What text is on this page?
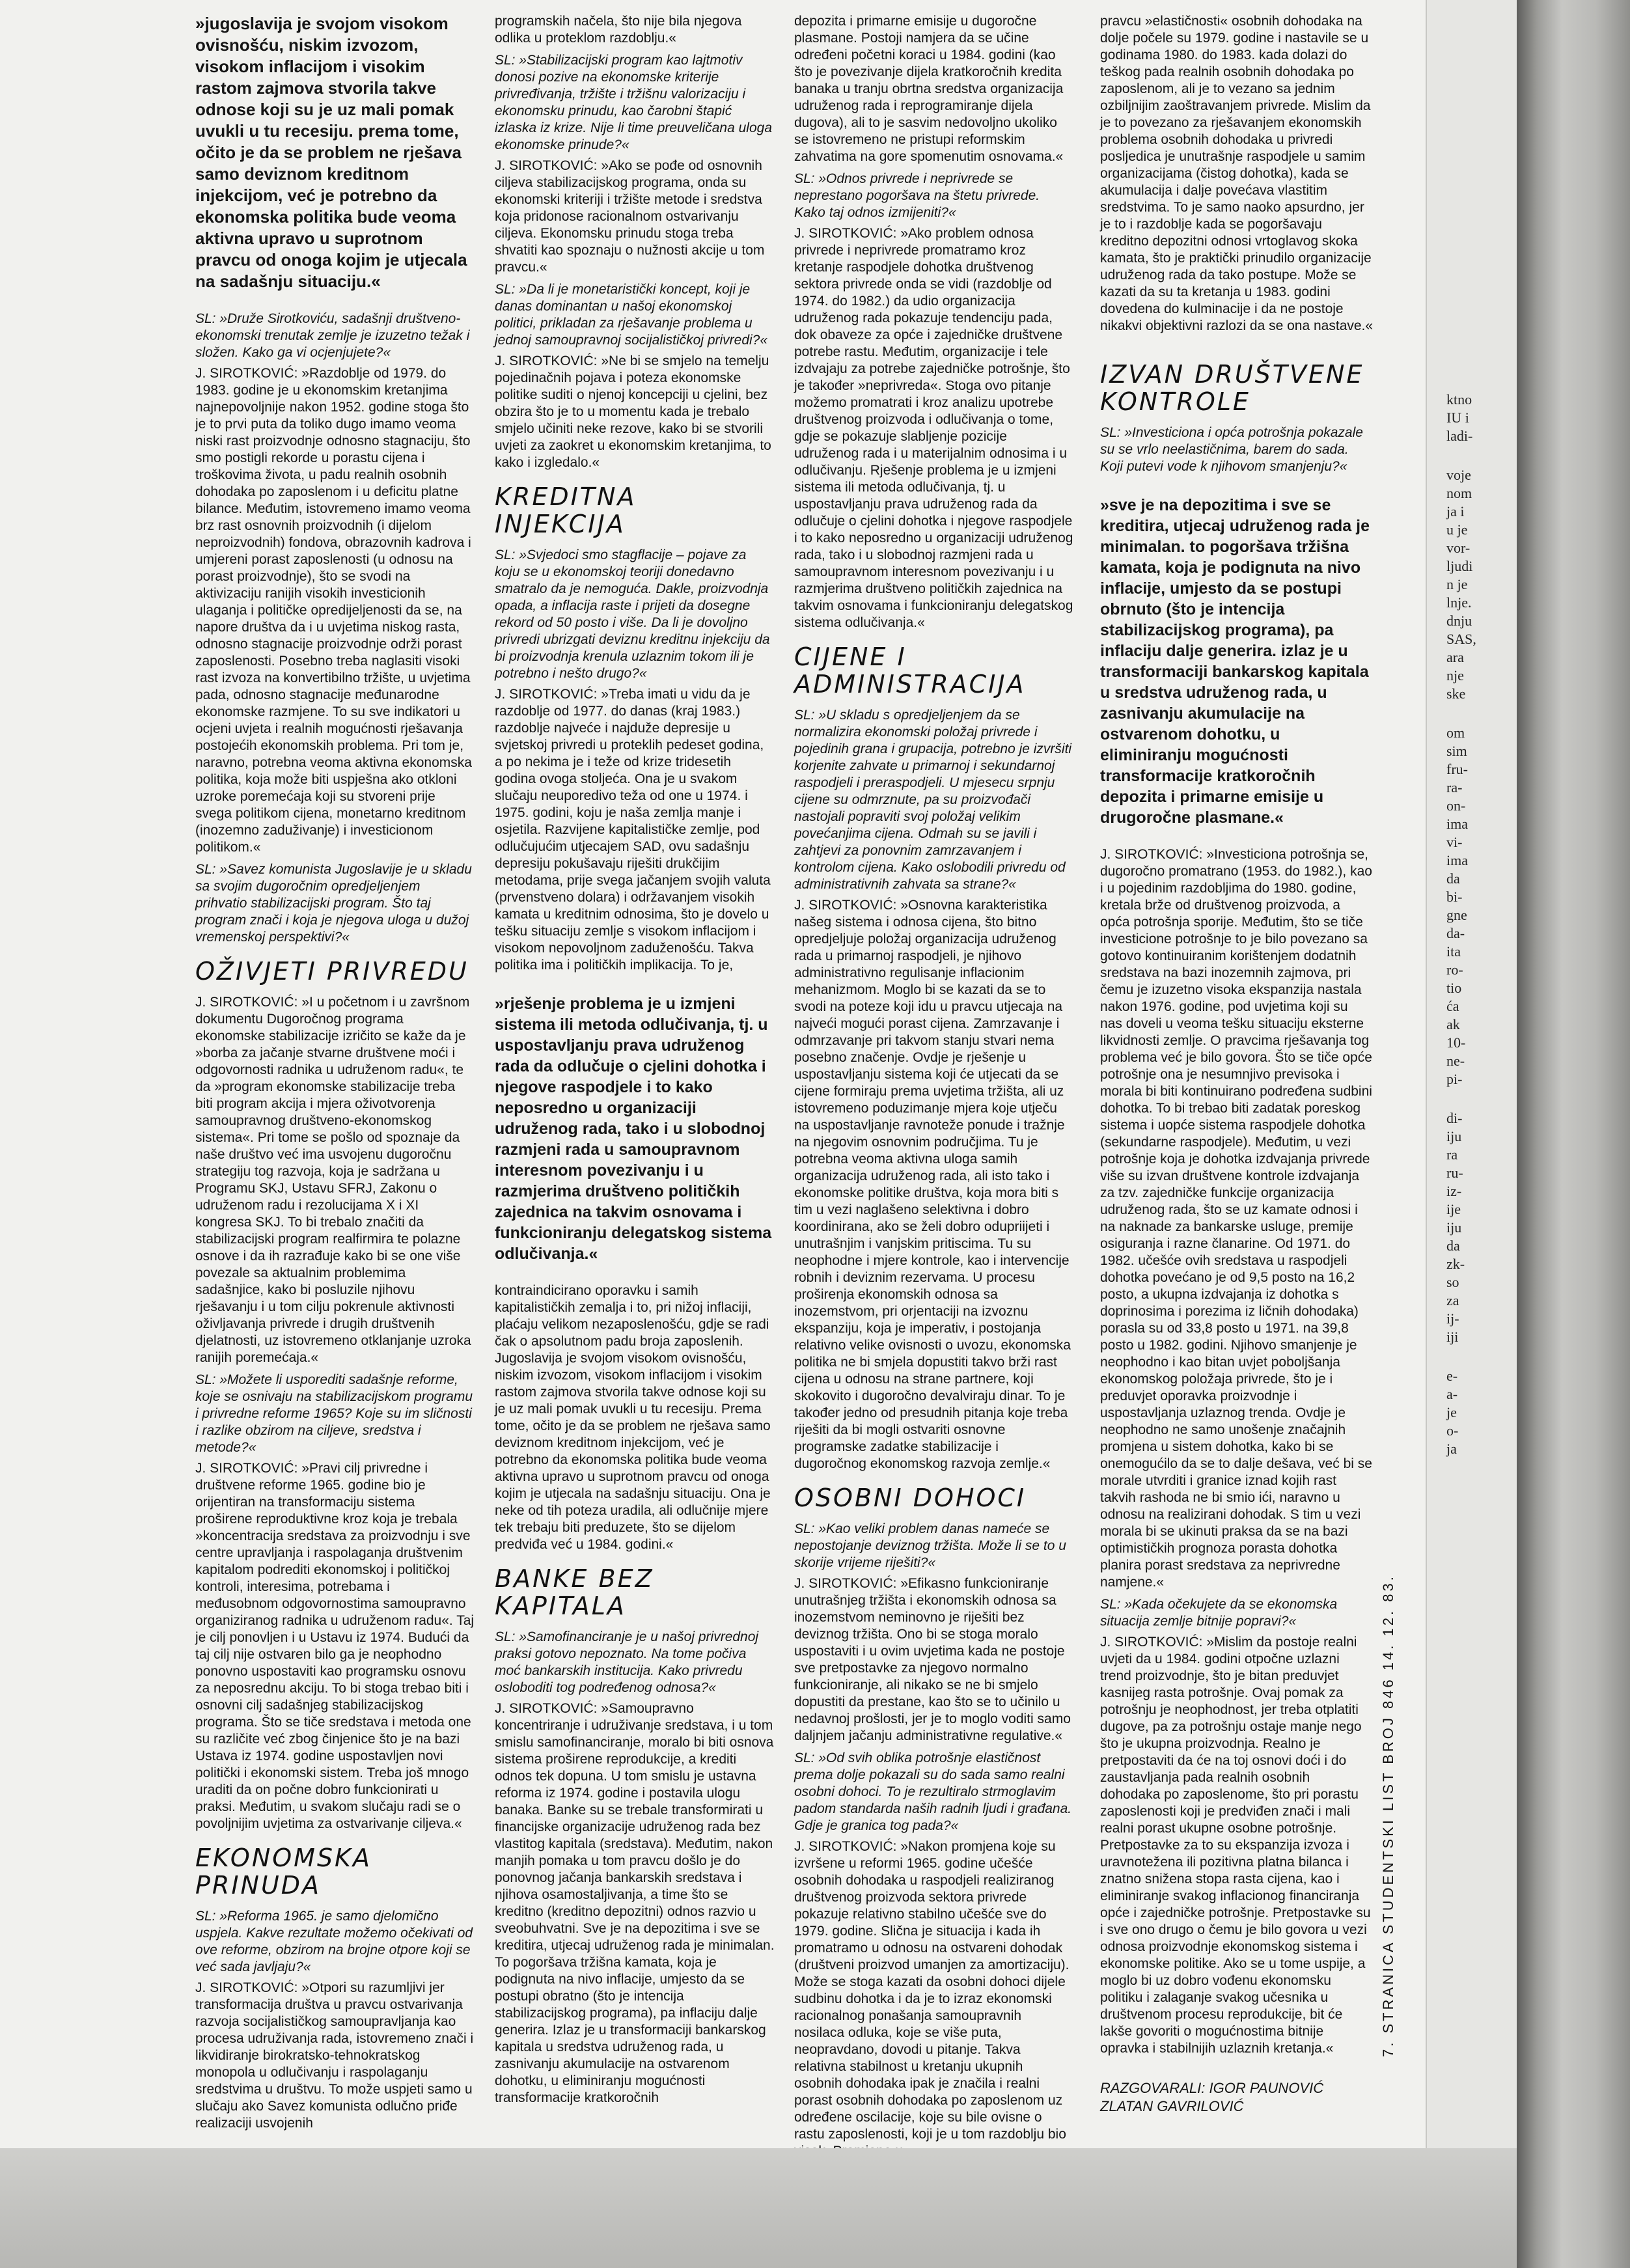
»jugoslavija je svojom visokom ovisnošću, niskim izvozom, visokom inflacijom i visokim rastom zajmova stvorila takve odnose koji su je uz mali pomak uvukli u tu recesiju. prema tome, očito je da se problem ne rješava samo deviznom kreditnom injekcijom, već je potrebno da ekonomska politika bude veoma aktivna upravo u suprotnom pravcu od onoga kojim je utjecala na sadašnju situaciju.«

SL: »Druže Sirotkoviću, sadašnji društveno-ekonomski trenutak zemlje je izuzetno težak i složen. Kako ga vi ocjenjujete?«

J. SIROTKOVIĆ: »Razdoblje od 1979. do 1983. godine je u ekonomskim kretanjima najnepovoljnije nakon 1952. godine stoga što je to prvi puta da toliko dugo imamo veoma niski rast proizvodnje odnosno stagnaciju, što smo postigli rekorde u porastu cijena i troškovima života, u padu realnih osobnih dohodaka po zaposlenom i u deficitu platne bilance. Međutim, istovremeno imamo veoma brz rast osnovnih proizvodnih (i dijelom neproizvodnih) fondova, obrazovnih kadrova i umjereni porast zaposlenosti (u odnosu na porast proizvodnje), što se svodi na aktivizaciju ranijih visokih investicionih ulaganja i političke opredijeljenosti da se, na napore društva da i u uvjetima niskog rasta, odnosno stagnacije proizvodnje održi porast zaposlenosti. Posebno treba naglasiti visoki rast izvoza na konvertibilno tržište, u uvjetima pada, odnosno stagnacije međunarodne ekonomske razmjene. To su sve indikatori u ocjeni uvjeta i realnih mogućnosti rješavanja postojećih ekonomskih problema. Pri tom je, naravno, potrebna veoma aktivna ekonomska politika, koja može biti uspješna ako otkloni uzroke poremećaja koji su stvoreni prije svega politikom cijena, monetarno kreditnom (inozemno zaduživanje) i investicionom politikom.«

SL: »Savez komunista Jugoslavije je u skladu sa svojim dugoročnim opredjeljenjem prihvatio stabilizacijski program. Što taj program znači i koja je njegova uloga u dužoj vremenskoj perspektivi?«

OŽIVJETI PRIVREDU

J. SIROTKOVIĆ: »I u početnom i u završnom dokumentu Dugoročnog programa ekonomske stabilizacije izričito se kaže da je »borba za jačanje stvarne društvene moći i odgovornosti radnika u udruženom radu«, te da »program ekonomske stabilizacije treba biti program akcija i mjera oživotvorenja samoupravnog društveno-ekonomskog sistema«. Pri tome se pošlo od spoznaje da naše društvo već ima usvojenu dugoročnu strategiju tog razvoja, koja je sadržana u Programu SKJ, Ustavu SFRJ, Zakonu o udruženom radu i rezolucijama X i XI kongresa SKJ. To bi trebalo značiti da stabilizacijski program realfirmira te polazne osnove i da ih razrađuje kako bi se one više povezale sa aktualnim problemima sadašnjice, kako bi posluzile njihovu rješavanju i u tom cilju pokrenule aktivnosti oživljavanja privrede i drugih društvenih djelatnosti, uz istovremeno otklanjanje uzroka ranijih poremećaja.«

SL: »Možete li usporediti sadašnje reforme, koje se osnivaju na stabilizacijskom programu i privredne reforme 1965? Koje su im sličnosti i razlike obzirom na ciljeve, sredstva i metode?«

J. SIROTKOVIĆ: »Pravi cilj privredne i društvene reforme 1965. godine bio je orijentiran na transformaciju sistema proširene reproduktivne kroz koja je trebala »koncentracija sredstava za proizvodnju i sve centre upravljanja i raspolaganja društvenim kapitalom podrediti ekonomskoj i političkoj kontroli, interesima, potrebama i međusobnom odgovornostima samoupravno organiziranog radnika u udruženom radu«. Taj je cilj ponovljen i u Ustavu iz 1974. Budući da taj cilj nije ostvaren bilo ga je neophodno ponovno uspostaviti kao programsku osnovu za neposrednu akciju. To bi stoga trebao biti i osnovni cilj sadašnjeg stabilizacijskog programa. Što se tiče sredstava i metoda one su različite već zbog činjenice što je na bazi Ustava iz 1974. godine uspostavljen novi politički i ekonomski sistem. Treba još mnogo uraditi da on počne dobro funkcionirati u praksi. Međutim, u svakom slučaju radi se o povoljnijim uvjetima za ostvarivanje ciljeva.«

EKONOMSKA PRINUDA

SL: »Reforma 1965. je samo djelomično uspjela. Kakve rezultate možemo očekivati od ove reforme, obzirom na brojne otpore koji se već sada javljaju?«

J. SIROTKOVIĆ: »Otpori su razumljivi jer transformacija društva u pravcu ostvarivanja razvoja socijalističkog samoupravljanja kao procesa udruživanja rada, istovremeno znači i likvidiranje birokratsko-tehnokratskog monopola u odlučivanju i raspolaganju sredstvima u društvu. To može uspjeti samo u slučaju ako Savez komunista odlučno priđe realizaciji usvojenih

programskih načela, što nije bila njegova odlika u proteklom razdoblju.«

SL: »Stabilizacijski program kao lajtmotiv donosi pozive na ekonomske kriterije privređivanja, tržište i tržišnu valorizaciju i ekonomsku prinudu, kao čarobni štapić izlaska iz krize. Nije li time preuveličana uloga ekonomske prinude?«

J. SIROTKOVIĆ: »Ako se pođe od osnovnih ciljeva stabilizacijskog programa, onda su ekonomski kriteriji i tržište metode i sredstva koja pridonose racionalnom ostvarivanju ciljeva. Ekonomsku prinudu stoga treba shvatiti kao spoznaju o nužnosti akcije u tom pravcu.«

SL: »Da li je monetaristički koncept, koji je danas dominantan u našoj ekonomskoj politici, prikladan za rješavanje problema u jednoj samoupravnoj socijalističkoj privredi?«

J. SIROTKOVIĆ: »Ne bi se smjelo na temelju pojedinačnih pojava i poteza ekonomske politike suditi o njenoj koncepciji u cjelini, bez obzira što je to u momentu kada je trebalo smjelo učiniti neke rezove, kako bi se stvorili uvjeti za zaokret u ekonomskim kretanjima, to kako i izgledalo.«

KREDITNA INJEKCIJA

SL: »Svjedoci smo stagflacije – pojave za koju se u ekonomskoj teoriji donedavno smatralo da je nemoguća. Dakle, proizvodnja opada, a inflacija raste i prijeti da dosegne rekord od 50 posto i više. Da li je dovoljno privredi ubrizgati deviznu kreditnu injekciju da bi proizvodnja krenula uzlaznim tokom ili je potrebno i nešto drugo?«

J. SIROTKOVIĆ: »Treba imati u vidu da je razdoblje od 1977. do danas (kraj 1983.) razdoblje najveće i najduže depresije u svjetskoj privredi u proteklih pedeset godina, a po nekima je i teže od krize tridesetih godina ovoga stoljeća. Ona je u svakom slučaju neuporedivo teža od one u 1974. i 1975. godini, koju je naša zemlja manje i osjetila. Razvijene kapitalističke zemlje, pod odlučujućim utjecajem SAD, ovu sadašnju depresiju pokušavaju riješiti drukčijim metodama, prije svega jačanjem svojih valuta (prvenstveno dolara) i održavanjem visokih kamata u kreditnim odnosima, što je dovelo u tešku situaciju zemlje s visokom inflacijom i visokom nepovoljnom zaduženošću. Takva politika ima i političkih implikacija. To je,

»rješenje problema je u izmjeni sistema ili metoda odlučivanja, tj. u uspostavljanju prava udruženog rada da odlučuje o cjelini dohotka i njegove raspodjele i to kako neposredno u organizaciji udruženog rada, tako i u slobodnoj razmjeni rada u samoupravnom interesnom povezivanju i u razmjerima društveno političkih zajednica na takvim osnovama i funkcioniranju delegatskog sistema odlučivanja.«

kontraindicirano oporavku i samih kapitalističkih zemalja i to, pri nižoj inflaciji, plaćaju velikom nezaposlenošću, gdje se radi čak o apsolutnom padu broja zaposlenih. Jugoslavija je svojom visokom ovisnošću, niskim izvozom, visokom inflacijom i visokim rastom zajmova stvorila takve odnose koji su je uz mali pomak uvukli u tu recesiju. Prema tome, očito je da se problem ne rješava samo deviznom kreditnom injekcijom, već je potrebno da ekonomska politika bude veoma aktivna upravo u suprotnom pravcu od onoga kojim je utjecala na sadašnju situaciju. Ona je neke od tih poteza uradila, ali odlučnije mjere tek trebaju biti preduzete, što se dijelom predviđa već u 1984. godini.«

BANKE BEZ KAPITALA

SL: »Samofinanciranje je u našoj privrednoj praksi gotovo nepoznato. Na tome počiva moć bankarskih institucija. Kako privredu osloboditi tog podređenog odnosa?«

J. SIROTKOVIĆ: »Samoupravno koncentriranje i udruživanje sredstava, i u tom smislu samofinanciranje, moralo bi biti osnova sistema proširene reprodukcije, a krediti odnos tek dopuna. U tom smislu je ustavna reforma iz 1974. godine i postavila ulogu banaka. Banke su se trebale transformirati u financijske organizacije udruženog rada bez vlastitog kapitala (sredstava). Međutim, nakon manjih pomaka u tom pravcu došlo je do ponovnog jačanja bankarskih sredstava i njihova osamostaljivanja, a time što se kreditno (kreditno depozitni) odnos razvio u sveobuhvatni. Sve je na depozitima i sve se kreditira, utjecaj udruženog rada je minimalan. To pogoršava tržišna kamata, koja je podignuta na nivo inflacije, umjesto da se postupi obratno (što je intencija stabilizacijskog programa), pa inflaciju dalje generira. Izlaz je u transformaciji bankarskog kapitala u sredstva udruženog rada, u zasnivanju akumulacije na ostvarenom dohotku, u eliminiranju mogućnosti transformacije kratkoročnih

depozita i primarne emisije u dugoročne plasmane. Postoji namjera da se učine određeni početni koraci u 1984. godini (kao što je povezivanje dijela kratkoročnih kredita banaka u tranju obrtna sredstva organizacija udruženog rada i reprogramiranje dijela dugova), ali to je sasvim nedovoljno ukoliko se istovremeno ne pristupi reformskim zahvatima na gore spomenutim osnovama.«

SL: »Odnos privrede i neprivrede se neprestano pogoršava na štetu privrede. Kako taj odnos izmijeniti?«

J. SIROTKOVIĆ: »Ako problem odnosa privrede i neprivrede promatramo kroz kretanje raspodjele dohotka društvenog sektora privrede onda se vidi (razdoblje od 1974. do 1982.) da udio organizacija udruženog rada pokazuje tendenciju pada, dok obaveze za opće i zajedničke društvene potrebe rastu. Međutim, organizacije i tele izdvajaju za potrebe zajedničke potrošnje, što je također »neprivreda«. Stoga ovo pitanje možemo promatrati i kroz analizu upotrebe društvenog proizvoda i odlučivanja o tome, gdje se pokazuje slabljenje pozicije udruženog rada i u materijalnim odnosima i u odlučivanju. Rješenje problema je u izmjeni sistema ili metoda odlučivanja, tj. u uspostavljanju prava udruženog rada da odlučuje o cjelini dohotka i njegove raspodjele i to kako neposredno u organizaciji udruženog rada, tako i u slobodnoj razmjeni rada u samoupravnom interesnom povezivanju i u razmjerima društveno političkih zajednica na takvim osnovama i funkcioniranju delegatskog sistema odlučivanja.«

CIJENE I ADMINISTRACIJA

SL: »U skladu s opredjeljenjem da se normalizira ekonomski položaj privrede i pojedinih grana i grupacija, potrebno je izvršiti korjenite zahvate u primarnoj i sekundarnoj raspodjeli i preraspodjeli. U mjesecu srpnju cijene su odmrznute, pa su proizvođači nastojali popraviti svoj položaj velikim povećanjima cijena. Odmah su se javili i zahtjevi za ponovnim zamrzavanjem i kontrolom cijena. Kako oslobodili privredu od administrativnih zahvata sa strane?«

J. SIROTKOVIĆ: »Osnovna karakteristika našeg sistema i odnosa cijena, što bitno opredjeljuje položaj organizacija udruženog rada u primarnoj raspodjeli, je njihovo administrativno regulisanje inflacionim mehanizmom. Moglo bi se kazati da se to svodi na poteze koji idu u pravcu utjecaja na najveći mogući porast cijena. Zamrzavanje i odmrzavanje pri takvom stanju stvari nema posebno značenje. Ovdje je rješenje u uspostavljanju sistema koji će utjecati da se cijene formiraju prema uvjetima tržišta, ali uz istovremeno poduzimanje mjera koje utječu na uspostavljanje ravnoteže ponude i tražnje na njegovim osnovnim područjima. Tu je potrebna veoma aktivna uloga samih organizacija udruženog rada, ali isto tako i ekonomske politike društva, koja mora biti s tim u vezi naglašeno selektivna i dobro koordinirana, ako se želi dobro odupriijeti i unutrašnjim i vanjskim pritiscima. Tu su neophodne i mjere kontrole, kao i intervencije robnih i deviznim rezervama. U procesu proširenja ekonomskih odnosa sa inozemstvom, pri orjentaciji na izvoznu ekspanziju, koja je imperativ, i postojanja relativno velike ovisnosti o uvozu, ekonomska politika ne bi smjela dopustiti takvo brži rast cijena u odnosu na strane partnere, koji skokovito i dugoročno devalviraju dinar. To je također jedno od presudnih pitanja koje treba riješiti da bi mogli ostvariti osnovne programske zadatke stabilizacije i dugoročnog ekonomskog razvoja zemlje.«

OSOBNI DOHOCI

SL: »Kao veliki problem danas nameće se nepostojanje deviznog tržišta. Može li se to u skorije vrijeme riješiti?«

J. SIROTKOVIĆ: »Efikasno funkcioniranje unutrašnjeg tržišta i ekonomskih odnosa sa inozemstvom neminovno je riješiti bez deviznog tržišta. Ono bi se stoga moralo uspostaviti i u ovim uvjetima kada ne postoje sve pretpostavke za njegovo normalno funkcioniranje, ali nikako se ne bi smjelo dopustiti da prestane, kao što se to učinilo u nedavnoj prošlosti, jer je to moglo voditi samo daljnjem jačanju administrativne regulative.«

SL: »Od svih oblika potrošnje elastičnost prema dolje pokazali su do sada samo realni osobni dohoci. To je rezultiralo strmoglavim padom standarda naših radnih ljudi i građana. Gdje je granica tog pada?«

J. SIROTKOVIĆ: »Nakon promjena koje su izvršene u reformi 1965. godine učešće osobnih dohodaka u raspodjeli realiziranog društvenog proizvoda sektora privrede pokazuje relativno stabilno učešće sve do 1979. godine. Slična je situacija i kada ih promatramo u odnosu na ostvareni dohodak (društveni proizvod umanjen za amortizaciju). Može se stoga kazati da osobni dohoci dijele sudbinu dohotka i da je to izraz ekonomski racionalnog ponašanja samoupravnih nosilaca odluka, koje se više puta, neopravdano, dovodi u pitanje. Takva relativna stabilnost u kretanju ukupnih osobnih dohodaka ipak je značila i realni porast osobnih dohodaka po zaposlenom uz određene oscilacije, koje su bile ovisne o rastu zaposlenosti, koji je u tom razdoblju bio

pravcu »elastičnosti« osobnih dohodaka na dolje počele su 1979. godine i nastavile se u godinama 1980. do 1983. kada dolazi do teškog pada realnih osobnih dohodaka po zaposlenom, ali je to vezano sa jednim ozbiljnijim zaoštravanjem privrede. Mislim da je to povezano za rješavanjem ekonomskih problema osobnih dohodaka u privredi posljedica je unutrašnje raspodjele u samim organizacijama (čistog dohotka), kada se akumulacija i dalje povećava vlastitim sredstvima. To je samo naoko apsurdno, jer je to i razdoblje kada se pogoršavaju kreditno depozitni odnosi vrtoglavog skoka kamata, što je praktički prinudilo organizacije udruženog rada da tako postupe. Može se kazati da su ta kretanja u 1983. godini dovedena do kulminacije i da ne postoje nikakvi objektivni razlozi da se ona nastave.«

IZVAN DRUŠTVENE KONTROLE

SL: »Investiciona i opća potrošnja pokazale su se vrlo neelastičnima, barem do sada. Koji putevi vode k njihovom smanjenju?«

»sve je na depozitima i sve se kreditira, utjecaj udruženog rada je minimalan. to pogoršava tržišna kamata, koja je podignuta na nivo inflacije, umjesto da se postupi obrnuto (što je intencija stabilizacijskog programa), pa inflaciju dalje generira. izlaz je u transformaciji bankarskog kapitala u sredstva udruženog rada, u zasnivanju akumulacije na ostvarenom dohotku, u eliminiranju mogućnosti transformacije kratkoročnih depozita i primarne emisije u drugoročne plasmane.«

J. SIROTKOVIĆ: »Investiciona potrošnja se, dugoročno promatrano (1953. do 1982.), kao i u pojedinim razdobljima do 1980. godine, kretala brže od društvenog proizvoda, a opća potrošnja sporije. Međutim, što se tiče investicione potrošnje to je bilo povezano sa gotovo kontinuiranim korištenjem dodatnih sredstava na bazi inozemnih zajmova, pri čemu je izuzetno visoka ekspanzija nastala nakon 1976. godine, pod uvjetima koji su nas doveli u veoma tešku situaciju eksterne likvidnosti zemlje. O pravcima rješavanja tog problema već je bilo govora. Što se tiče opće potrošnje ona je nesumnjivo previsoka i morala bi biti kontinuirano podređena sudbini dohotka. To bi trebao biti zadatak poreskog sistema i uopće sistema raspodjele dohotka (sekundarne raspodjele). Međutim, u vezi potrošnje koja je dohotka izdvajanja privrede više su izvan društvene kontrole izdvajanja za tzv. zajedničke funkcije organizacija udruženog rada, što se uz kamate odnosi i na naknade za bankarske usluge, premije osiguranja i razne članarine. Od 1971. do 1982. učešće ovih sredstava u raspodjeli dohotka povećano je od 9,5 posto na 16,2 posto, a ukupna izdvajanja iz dohotka s doprinosima i porezima iz ličnih dohodaka) porasla su od 33,8 posto u 1971. na 39,8 posto u 1982. godini. Njihovo smanjenje je neophodno i kao bitan uvjet poboljšanja ekonomskog položaja privrede, što je i preduvjet oporavka proizvodnje i uspostavljanja uzlaznog trenda. Ovdje je neophodno ne samo unošenje značajnih promjena u sistem dohotka, kako bi se onemogućilo da se to dalje dešava, već bi se morale utvrditi i granice iznad kojih rast takvih rashoda ne bi smio ići, naravno u odnosu na realizirani dohodak. S tim u vezi morala bi se ukinuti praksa da se na bazi optimističkih prognoza porasta dohotka planira porast sredstava za neprivredne namjene.«

SL: »Kada očekujete da se ekonomska situacija zemlje bitnije popravi?«

J. SIROTKOVIĆ: »Mislim da postoje realni uvjeti da u 1984. godini otpočne uzlazni trend proizvodnje, što je bitan preduvjet kasnijeg rasta potrošnje. Ovaj pomak za potrošnju je neophodnost, jer treba otplatiti dugove, pa za potrošnju ostaje manje nego što je ukupna proizvodnja. Realno je pretpostaviti da će na toj osnovi doći i do zaustavljanja pada realnih osobnih dohodaka po zaposlenome, što pri porastu zaposlenosti koji je predviđen znači i mali realni porast ukupne osobne potrošnje. Pretpostavke za to su ekspanzija izvoza i uravnotežena ili pozitivna platna bilanca i znatno snižena stopa rasta cijena, kao i eliminiranje svakog inflacionog financiranja opće i zajedničke potrošnje. Pretpostavke su i sve ono drugo o čemu je bilo govora u vezi odnosa proizvodnje ekonomskog sistema i ekonomske politike. Ako se u tome uspije, a moglo bi uz dobro vođenu ekonomsku politiku i zalaganje svakog učesnika u društvenom procesu reprodukcije, bit će lakše govoriti o mogućnostima bitnije opravka i stabilnijih uzlaznih kretanja.«

RAZGOVARALI: IGOR PAUNOVIĆ ZLATAN GAVRILOVIĆ

ktno
IU i
ladi-
voje
nom
ja i
u je
vor-
ljudi
n je
lnje.
dnju
SAS,
ara
nje
ske
om
sim
fru-
ra-
on-
ima
vi-
ima
da
bi-
gne
da-
ita
ro-
tio
ća
ak
10-
ne-
pi-
di-
iju
ra
ru-
iz-
ije
iju
da
zk-
so
za
ij-
iji
e-
a-
je
o-
ja
7. STRANICA STUDENTSKI LIST BROJ 846 14. 12. 83.
